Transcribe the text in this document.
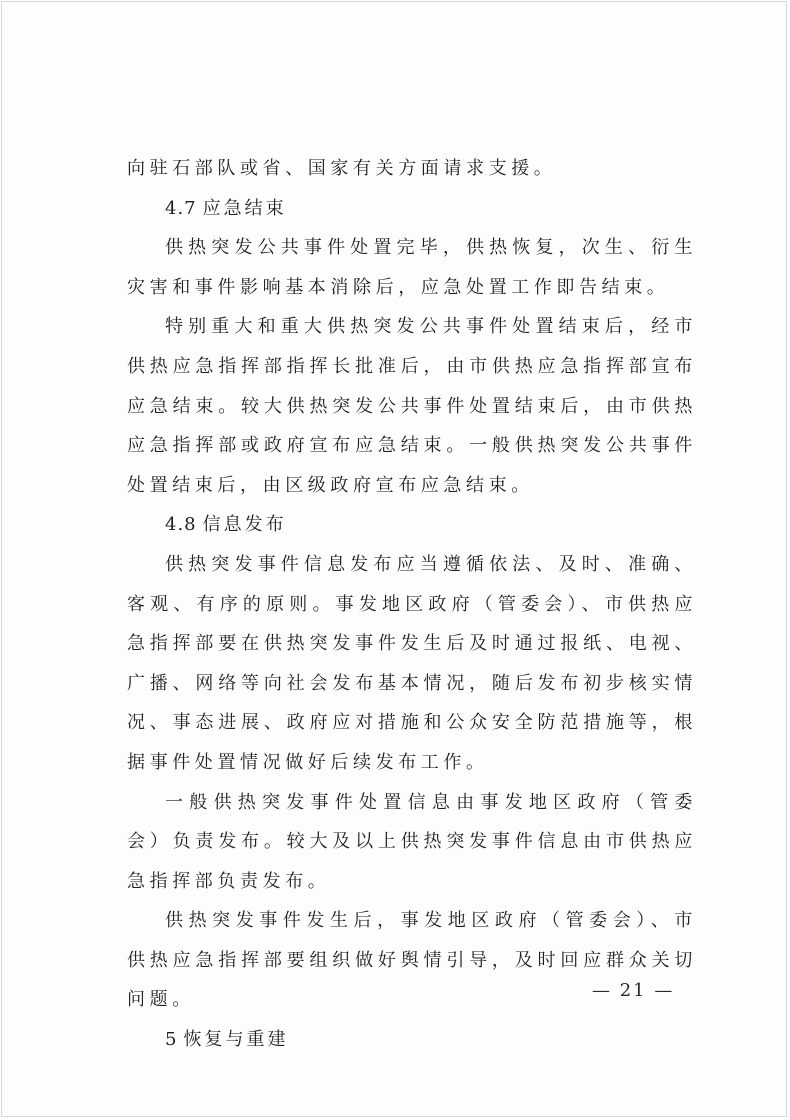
向驻石部队或省、国家有关方面请求支援。

4.7 应急结束

供热突发公共事件处置完毕，供热恢复，次生、衍生灾害和事件影响基本消除后，应急处置工作即告结束。

特别重大和重大供热突发公共事件处置结束后，经市供热应急指挥部指挥长批准后，由市供热应急指挥部宣布应急结束。较大供热突发公共事件处置结束后，由市供热应急指挥部或政府宣布应急结束。一般供热突发公共事件处置结束后，由区级政府宣布应急结束。

4.8 信息发布

供热突发事件信息发布应当遵循依法、及时、准确、客观、有序的原则。事发地区政府（管委会）、市供热应急指挥部要在供热突发事件发生后及时通过报纸、电视、广播、网络等向社会发布基本情况，随后发布初步核实情况、事态进展、政府应对措施和公众安全防范措施等，根据事件处置情况做好后续发布工作。

一般供热突发事件处置信息由事发地区政府（管委会）负责发布。较大及以上供热突发事件信息由市供热应急指挥部负责发布。

供热突发事件发生后，事发地区政府（管委会）、市供热应急指挥部要组织做好舆情引导，及时回应群众关切问题。

5 恢复与重建

— 21 —
